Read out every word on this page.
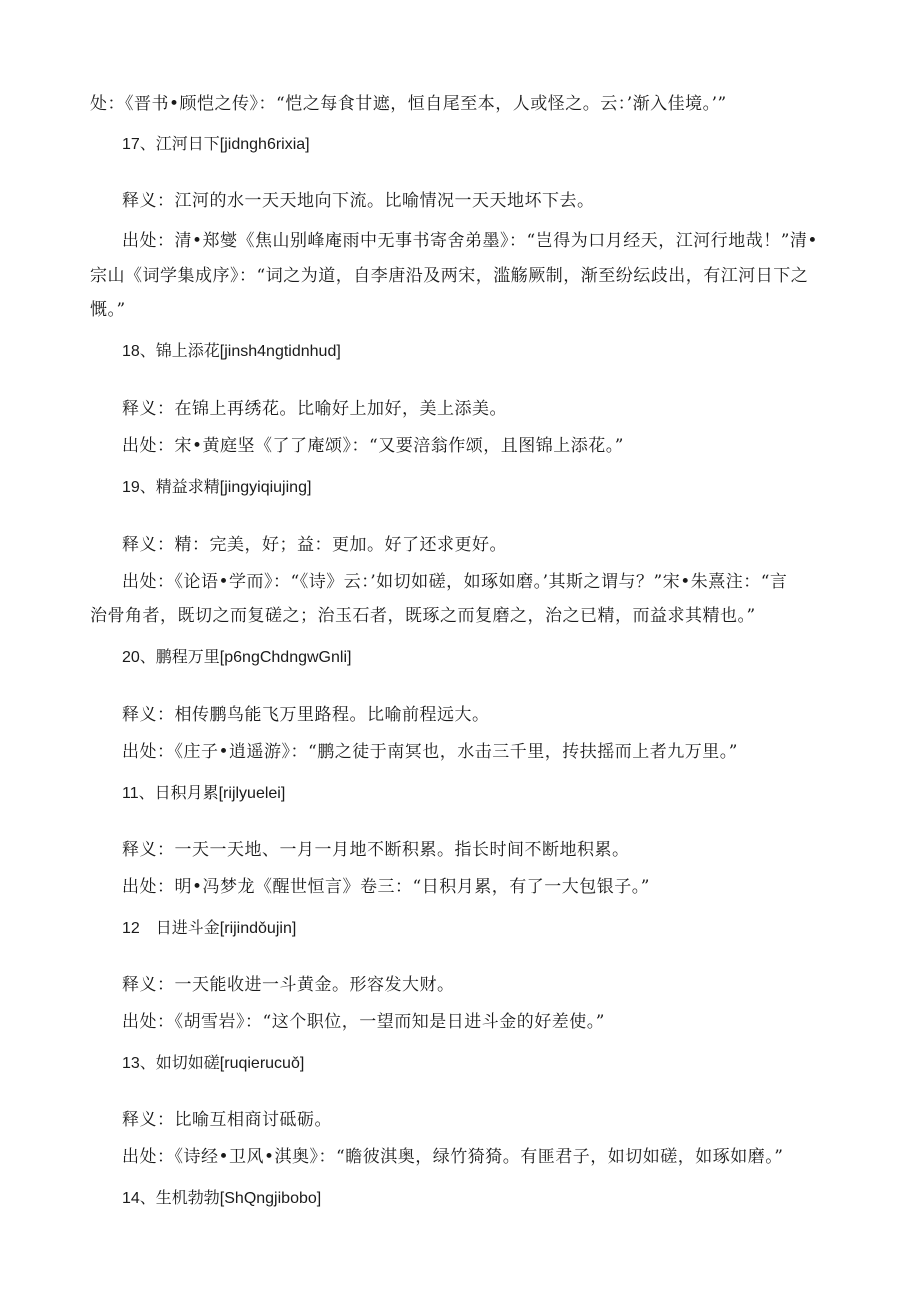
处：《晋书•顾恺之传》：“恺之每食甘遮，恒自尾至本，人或怪之。云：’渐入佳境。’”
17、江河日下[jidngh6rixia]
释义：江河的水一天天地向下流。比喻情况一天天地坏下去。
出处：清•郑燮《焦山别峰庵雨中无事书寄舍弟墨》：“岂得为口月经天，江河行地哉！”清•
宗山《词学集成序》：“词之为道，自李唐沿及两宋，滥觞厥制，渐至纷纭歧出，有江河日下之
慨。”
18、锦上添花[jinsh4ngtidnhud]
释义：在锦上再绣花。比喻好上加好，美上添美。
出处：宋•黄庭坚《了了庵颂》：“又要涪翁作颂，且图锦上添花。”
19、精益求精[jingyiqiujing]
释义：精：完美，好；益：更加。好了还求更好。
出处：《论语•学而》：“《诗》云：’如切如磋，如琢如磨。’其斯之谓与？”宋•朱熹注：“言
治骨角者，既切之而复磋之；治玉石者，既琢之而复磨之，治之已精，而益求其精也。”
20、鹏程万里[p6ngChdngwGnli]
释义：相传鹏鸟能飞万里路程。比喻前程远大。
出处：《庄子•逍遥游》：“鹏之徒于南冥也，水击三千里，抟扶摇而上者九万里。”
11、日积月累[rijlyuelei]
释义：一天一天地、一月一月地不断积累。指长时间不断地积累。
出处：明•冯梦龙《醒世恒言》卷三：“日积月累，有了一大包银子。”
12　日进斗金[rijindǒujin]
释义：一天能收进一斗黄金。形容发大财。
出处：《胡雪岩》：“这个职位，一望而知是日进斗金的好差使。”
13、如切如磋[ruqierucuǒ]
释义：比喻互相商讨砥砺。
出处：《诗经•卫风•淇奥》：“瞻彼淇奥，绿竹猗猗。有匪君子，如切如磋，如琢如磨。”
14、生机勃勃[ShQngjibobo]
